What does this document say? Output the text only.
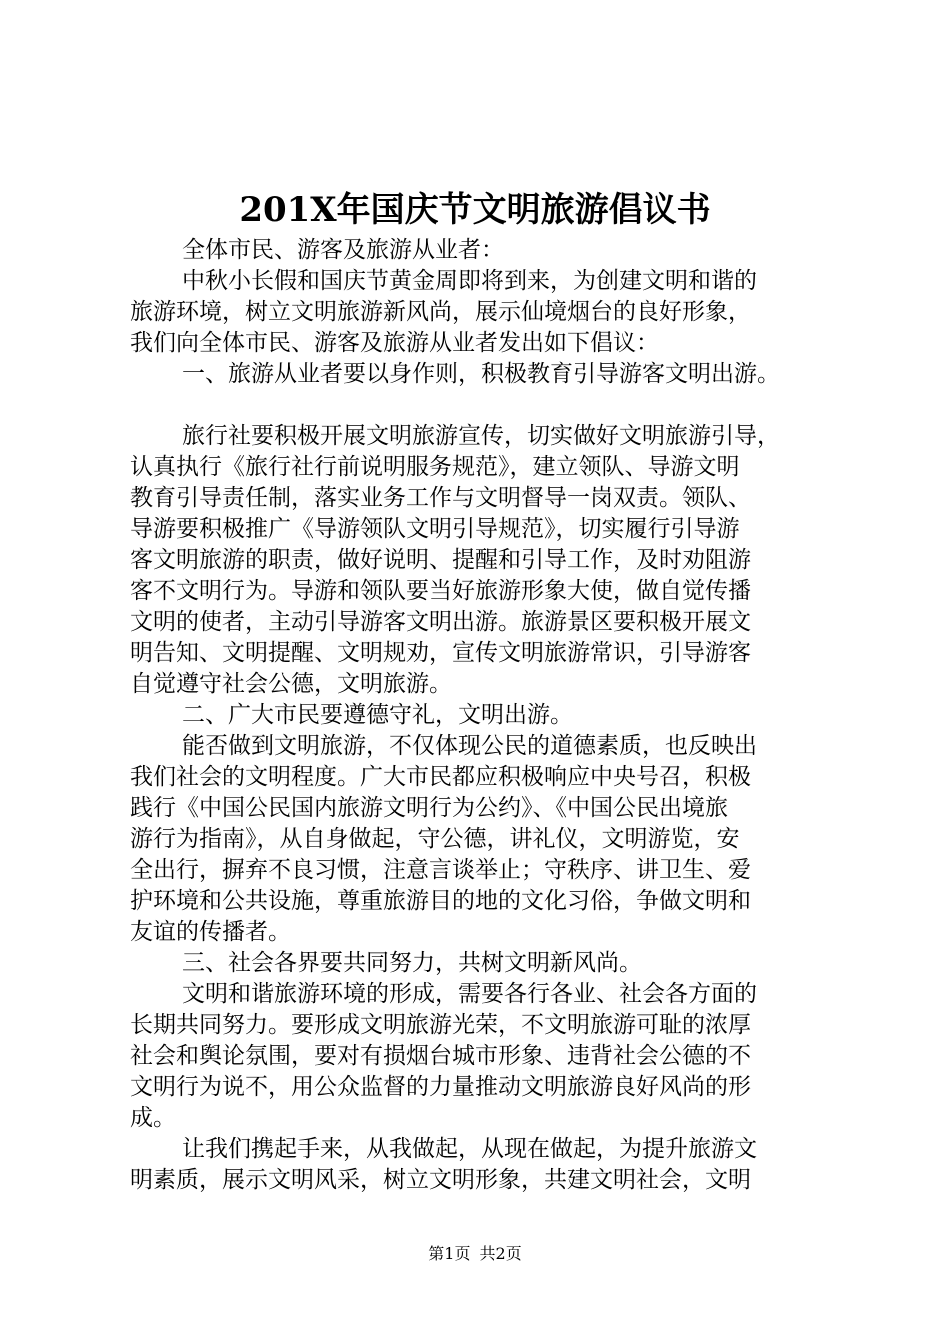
201X年国庆节文明旅游倡议书
全体市民、游客及旅游从业者：
中秋小长假和国庆节黄金周即将到来，为创建文明和谐的
旅游环境，树立文明旅游新风尚，展示仙境烟台的良好形象，
我们向全体市民、游客及旅游从业者发出如下倡议：
一、旅游从业者要以身作则，积极教育引导游客文明出游。
旅行社要积极开展文明旅游宣传，切实做好文明旅游引导，
认真执行《旅行社行前说明服务规范》，建立领队、导游文明
教育引导责任制，落实业务工作与文明督导一岗双责。领队、
导游要积极推广《导游领队文明引导规范》，切实履行引导游
客文明旅游的职责，做好说明、提醒和引导工作，及时劝阻游
客不文明行为。导游和领队要当好旅游形象大使，做自觉传播
文明的使者，主动引导游客文明出游。旅游景区要积极开展文
明告知、文明提醒、文明规劝，宣传文明旅游常识，引导游客
自觉遵守社会公德，文明旅游。
二、广大市民要遵德守礼，文明出游。
能否做到文明旅游，不仅体现公民的道德素质，也反映出
我们社会的文明程度。广大市民都应积极响应中央号召，积极
践行《中国公民国内旅游文明行为公约》、《中国公民出境旅
游行为指南》，从自身做起，守公德，讲礼仪，文明游览，安
全出行，摒弃不良习惯，注意言谈举止；守秩序、讲卫生、爱
护环境和公共设施，尊重旅游目的地的文化习俗，争做文明和
友谊的传播者。
三、社会各界要共同努力，共树文明新风尚。
文明和谐旅游环境的形成，需要各行各业、社会各方面的
长期共同努力。要形成文明旅游光荣，不文明旅游可耻的浓厚
社会和舆论氛围，要对有损烟台城市形象、违背社会公德的不
文明行为说不，用公众监督的力量推动文明旅游良好风尚的形
成。
让我们携起手来，从我做起，从现在做起，为提升旅游文
明素质，展示文明风采，树立文明形象，共建文明社会，文明
第1页 共2页
